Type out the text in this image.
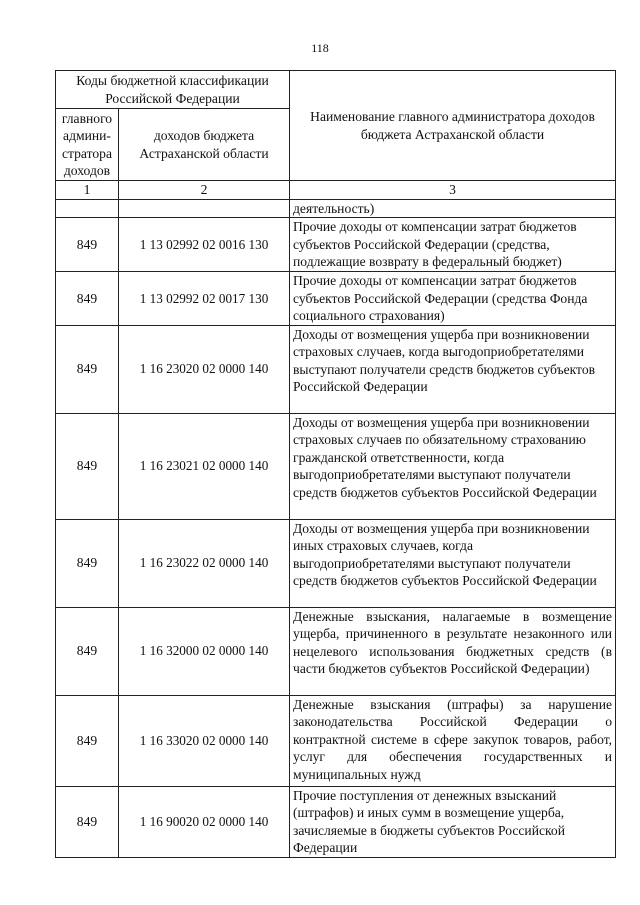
118
Коды бюджетной классификации Российской Федерации		Наименование главного администратора доходов бюджета Астраханской области
главного админи-стратора доходов	доходов бюджета Астраханской области	
1	2	3
		деятельность)
849	1 13 02992 02 0016 130	Прочие доходы от компенсации затрат бюджетов субъектов Российской Федерации (средства, подлежащие возврату в федеральный бюджет)
849	1 13 02992 02 0017 130	Прочие доходы от компенсации затрат бюджетов субъектов Российской Федерации (средства Фонда социального страхования)
849	1 16 23020 02 0000 140	Доходы от возмещения ущерба при возникновении страховых случаев, когда выгодоприобретателями выступают получатели средств бюджетов субъектов Российской Федерации
849	1 16 23021 02 0000 140	Доходы от возмещения ущерба при возникновении страховых случаев по обязательному страхованию гражданской ответственности, когда выгодоприобретателями выступают получатели средств бюджетов субъектов Российской Федерации
849	1 16 23022 02 0000 140	Доходы от возмещения ущерба при возникновении иных страховых случаев, когда выгодоприобретателями выступают получатели средств бюджетов субъектов Российской Федерации
849	1 16 32000 02 0000 140	Денежные взыскания, налагаемые в возмещение ущерба, причиненного в результате незаконного или нецелевого использования бюджетных средств (в части бюджетов субъектов Российской Федерации)
849	1 16 33020 02 0000 140	Денежные взыскания (штрафы) за нарушение законодательства Российской Федерации о контрактной системе в сфере закупок товаров, работ, услуг для обеспечения государственных и муниципальных нужд
849	1 16 90020 02 0000 140	Прочие поступления от денежных взысканий (штрафов) и иных сумм в возмещение ущерба, зачисляемые в бюджеты субъектов Российской Федерации
